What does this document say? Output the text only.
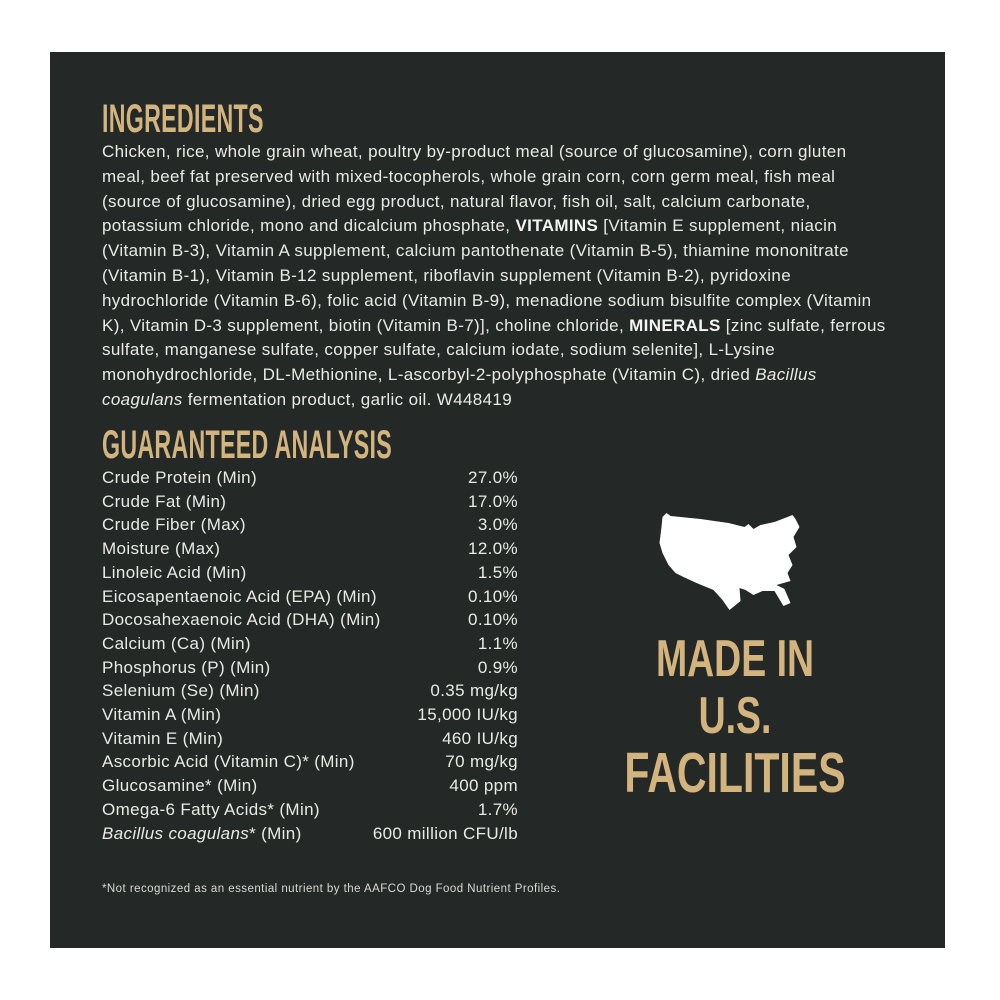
INGREDIENTS

Chicken, rice, whole grain wheat, poultry by-product meal (source of glucosamine), corn gluten meal, beef fat preserved with mixed-tocopherols, whole grain corn, corn germ meal, fish meal (source of glucosamine), dried egg product, natural flavor, fish oil, salt, calcium carbonate, potassium chloride, mono and dicalcium phosphate, VITAMINS [Vitamin E supplement, niacin (Vitamin B-3), Vitamin A supplement, calcium pantothenate (Vitamin B-5), thiamine mononitrate (Vitamin B-1), Vitamin B-12 supplement, riboflavin supplement (Vitamin B-2), pyridoxine hydrochloride (Vitamin B-6), folic acid (Vitamin B-9), menadione sodium bisulfite complex (Vitamin K), Vitamin D-3 supplement, biotin (Vitamin B-7)], choline chloride, MINERALS [zinc sulfate, ferrous sulfate, manganese sulfate, copper sulfate, calcium iodate, sodium selenite], L-Lysine monohydrochloride, DL-Methionine, L-ascorbyl-2-polyphosphate (Vitamin C), dried Bacillus coagulans fermentation product, garlic oil. W448419

GUARANTEED ANALYSIS
Crude Protein (Min)	27.0%
Crude Fat (Min)	17.0%
Crude Fiber (Max)	3.0%
Moisture (Max)	12.0%
Linoleic Acid (Min)	1.5%
Eicosapentaenoic Acid (EPA) (Min)	0.10%
Docosahexaenoic Acid (DHA) (Min)	0.10%
Calcium (Ca) (Min)	1.1%
Phosphorus (P) (Min)	0.9%
Selenium (Se) (Min)	0.35 mg/kg
Vitamin A (Min)	15,000 IU/kg
Vitamin E (Min)	460 IU/kg
Ascorbic Acid (Vitamin C)* (Min)	70 mg/kg
Glucosamine* (Min)	400 ppm
Omega-6 Fatty Acids* (Min)	1.7%
Bacillus coagulans* (Min)	600 million CFU/lb
MADE IN
U.S.
FACILITIES
*Not recognized as an essential nutrient by the AAFCO Dog Food Nutrient Profiles.
